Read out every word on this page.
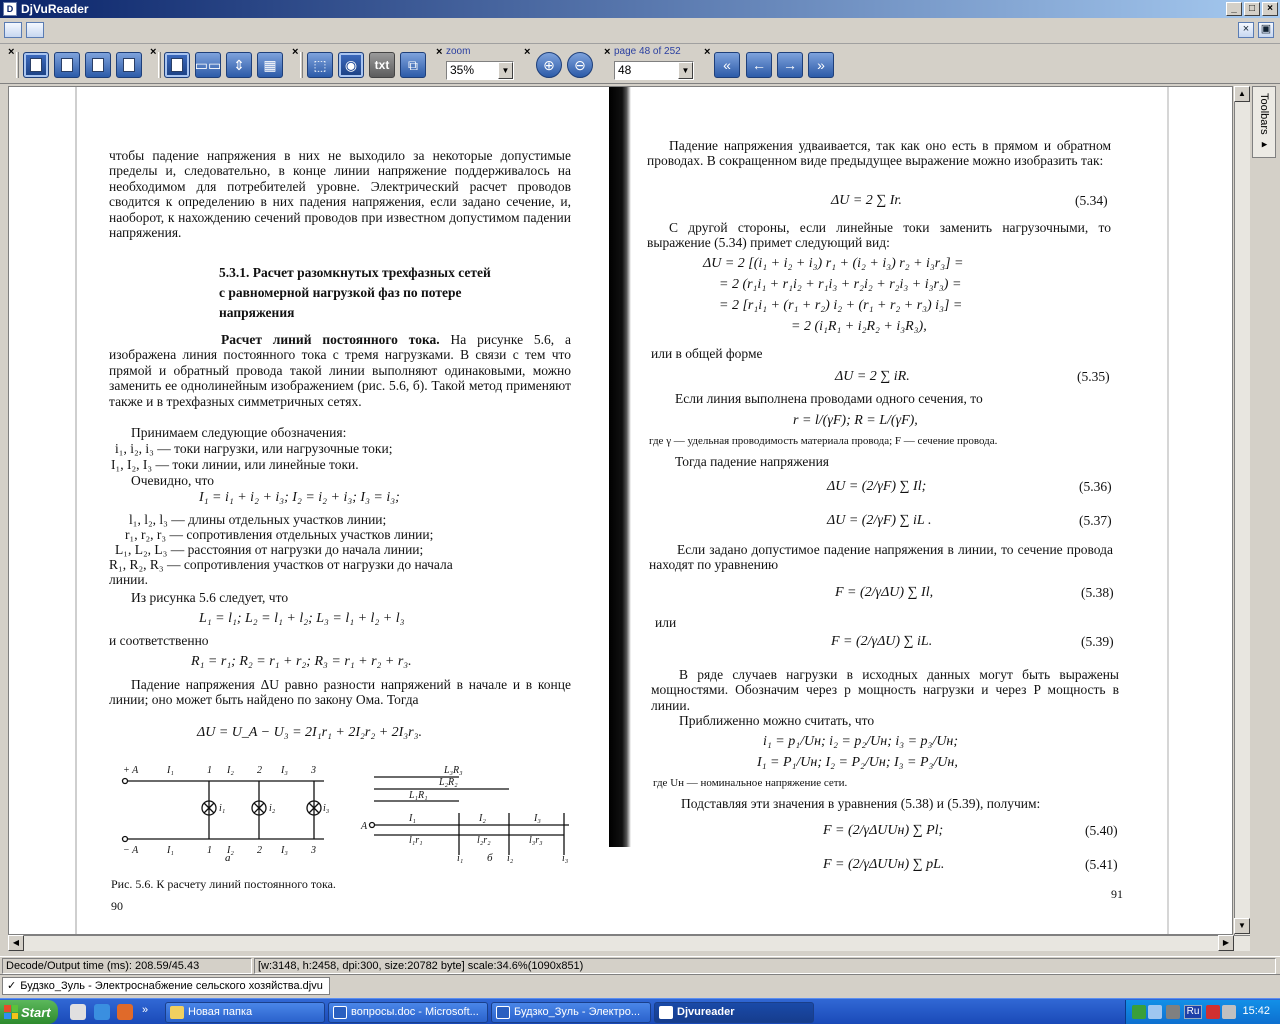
D DjVuReader	_	□	×
×	▣
×	×
▭▭ ⇕	▦
×
⬚	◉	txt	⧉
× zoom
35%	▼
×
⊕	⊖
× page 48 of 252
48	▼
×
«	←	→	»
чтобы падение напряжения в них не выходило за некоторые допустимые пределы и, следовательно, в конце линии напряжение поддерживалось на необходимом для потребителей уровне. Электрический расчет проводов сводится к определению в них падения напряжения, если задано сечение, и, наоборот, к нахождению сечений проводов при известном допустимом падении напряжения.
5.3.1. Расчет разомкнутых трехфазных сетей
с равномерной нагрузкой фаз по потере
напряжения
Расчет линий постоянного тока. На рисунке 5.6, а изображена линия постоянного тока с тремя нагрузками. В связи с тем что прямой и обратный провода такой линии выполняют одинаковыми, можно заменить ее однолинейным изображением (рис. 5.6, б). Такой метод применяют также и в трехфазных симметричных сетях.
Принимаем следующие обозначения:
i₁, i₂, i₃ — токи нагрузки, или нагрузочные токи;
I₁, I₂, I₃ — токи линии, или линейные токи.
Очевидно, что
I₁ = i₁ + i₂ + i₃; I₂ = i₂ + i₃; I₃ = i₃;
l₁, l₂, l₃ — длины отдельных участков линии;
r₁, r₂, r₃ — сопротивления отдельных участков линии;
L₁, L₂, L₃ — расстояния от нагрузки до начала линии;
R₁, R₂, R₃ — сопротивления участков от нагрузки до начала
линии.
Из рисунка 5.6 следует, что
L₁ = l₁; L₂ = l₁ + l₂; L₃ = l₁ + l₂ + l₃
и соответственно
R₁ = r₁; R₂ = r₁ + r₂; R₃ = r₁ + r₂ + r₃.
Падение напряжения ΔU равно разности напряжений в начале и в конце линии; оно может быть найдено по закону Ома. Тогда
ΔU = U_A − U₃ = 2I₁r₁ + 2I₂r₂ + 2I₃r₃.
+ A	I₁	1 I₂ 2 I₃ 3
− A	I₁	1 I₂ 2 I₃ 3
i₁	i₂	i₃
A
L₃R₃
L₂R₂
L₁R₁
I₁	I₂	I₃
l₁r₁	l₂r₂	l₃r₃
i₁	i₂	i₃
а	б
Рис. 5.6. К расчету линий постоянного тока.
90
Падение напряжения удваивается, так как оно есть в прямом и обратном проводах. В сокращенном виде предыдущее выражение можно изобразить так:
ΔU = 2 ∑ Ir.	(5.34)
С другой стороны, если линейные токи заменить нагрузочными, то выражение (5.34) примет следующий вид:
ΔU = 2 [(i₁ + i₂ + i₃) r₁ + (i₂ + i₃) r₂ + i₃r₃] =
= 2 (r₁i₁ + r₁i₂ + r₁i₃ + r₂i₂ + r₂i₃ + i₃r₃) =
= 2 [r₁i₁ + (r₁ + r₂) i₂ + (r₁ + r₂ + r₃) i₃] =
= 2 (i₁R₁ + i₂R₂ + i₃R₃),
или в общей форме
ΔU = 2 ∑ iR.	(5.35)
Если линия выполнена проводами одного сечения, то
r = l/(γF); R = L/(γF),
где γ — удельная проводимость материала провода; F — сечение провода.
Тогда падение напряжения
ΔU = (2/γF) ∑ Il;	(5.36)
ΔU = (2/γF) ∑ iL .	(5.37)
Если задано допустимое падение напряжения в линии, то сечение провода находят по уравнению
F = (2/γΔU) ∑ Il,	(5.38)
или
F = (2/γΔU) ∑ iL.	(5.39)
В ряде случаев нагрузки в исходных данных могут быть выражены мощностями. Обозначим через p мощность нагрузки и через P мощность в линии.
Приближенно можно считать, что
i₁ = p₁/Uн; i₂ = p₂/Uн; i₃ = p₃/Uн;
I₁ = P₁/Uн; I₂ = P₂/Uн; I₃ = P₃/Uн,
где Uн — номинальное напряжение сети.
Подставляя эти значения в уравнения (5.38) и (5.39), получим:
F = (2/γΔUUн) ∑ Pl;	(5.40)
F = (2/γΔUUн) ∑ pL.	(5.41)
91
▲
▼
◀	▶
Toolbars ▸
Decode/Output time (ms): 208.59/45.43	[w:3148, h:2458, dpi:300, size:20782 byte] scale:34.6%(1090x851)
✓ Будзко_Зуль - Электроснабжение сельского хозяйства.djvu
Start	»	Новая папка	вопросы.doc - Microsoft...	Будзко_Зуль - Электро...	Djvureader	Ru	15:42
